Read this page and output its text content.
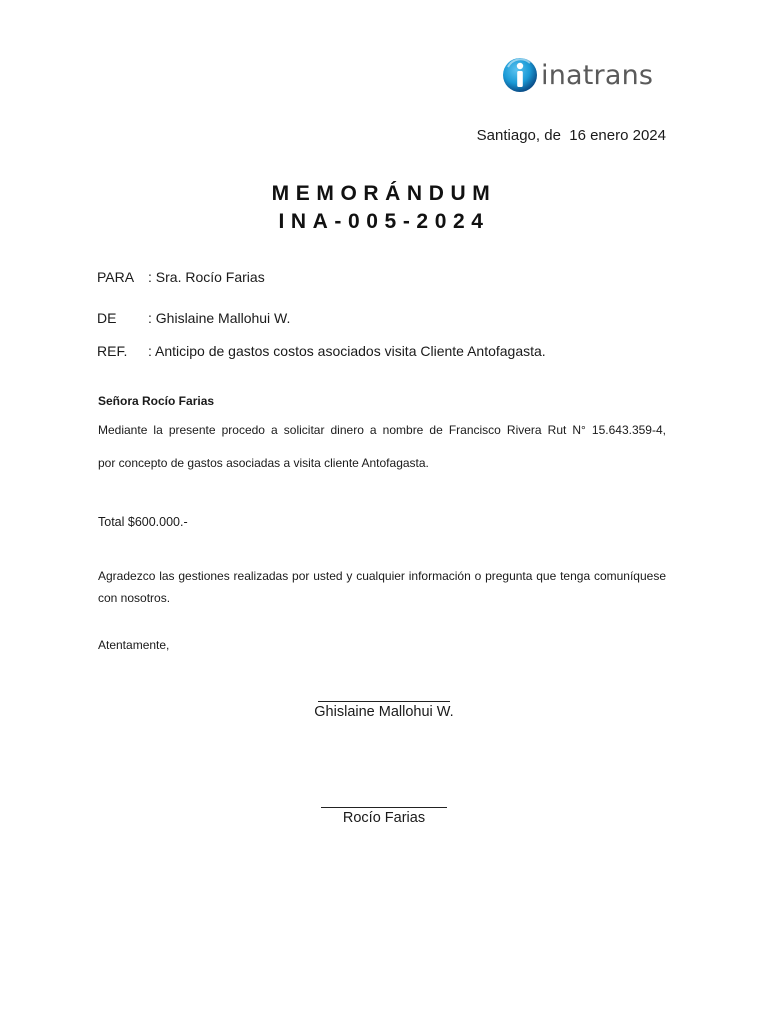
inatrans
Santiago, de  16 enero 2024
MEMORÁNDUM
INA-005-2024
PARA : Sra. Rocío Farias
DE	: Ghislaine Mallohui W.
REF.	: Anticipo de gastos costos asociados visita Cliente Antofagasta.
Señora Rocío Farias
Mediante la presente procedo a solicitar dinero a nombre de Francisco Rivera Rut N° 15.643.359-4,
por concepto de gastos asociadas a visita cliente Antofagasta.
Total $600.000.-
Agradezco las gestiones realizadas por usted y cualquier información o pregunta que tenga comuníquese con nosotros.
Atentamente,
Ghislaine Mallohui W.
Rocío Farias
